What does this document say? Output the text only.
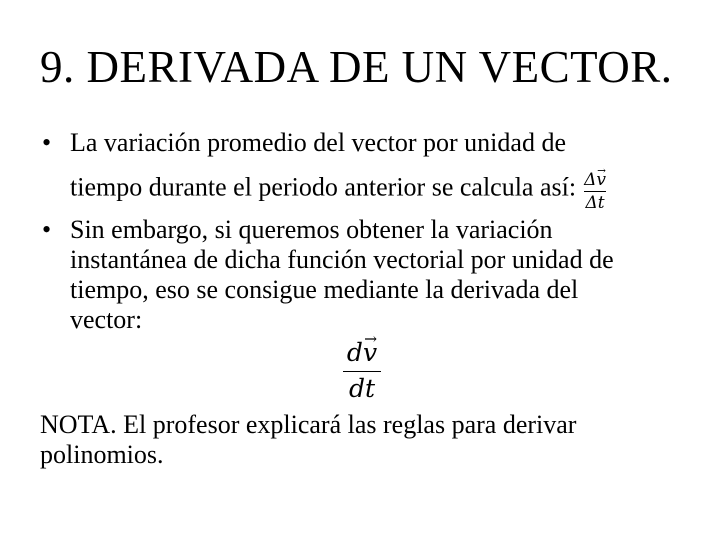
9. DERIVADA DE UN VECTOR.
• La variación promedio del vector por unidad de
tiempo durante el periodo anterior se calcula así: $\frac{\Delta\to v}{\Delta t}$
• Sin embargo, si queremos obtener la variación
instantánea de dicha función vectorial por unidad de
tiempo, eso se consigue mediante la derivada del
vector:
d→ v
dt

NOTA. El profesor explicará las reglas para derivar
polinomios.
